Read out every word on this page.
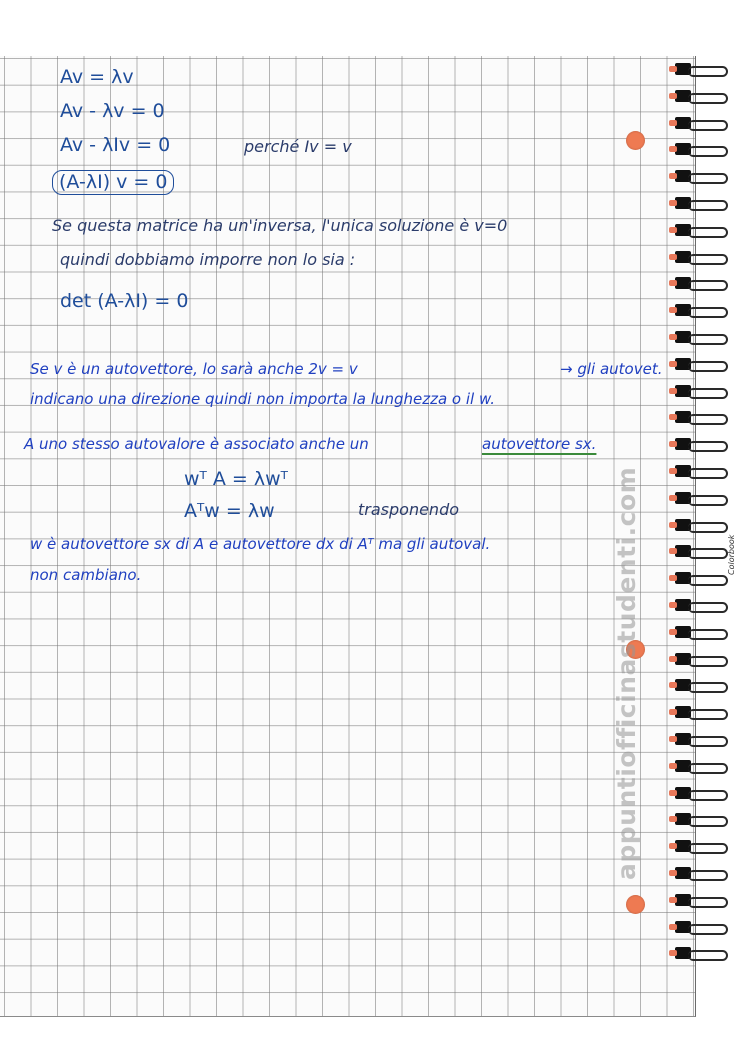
Av = λv
Av - λv = 0
Av - λIv = 0	perché Iv = v
(A-λI) v = 0
Se questa matrice ha un'inversa, l'unica soluzione è v=0
quindi dobbiamo imporre non lo sia :
det (A-λI) = 0
Se v è un autovettore, lo sarà anche 2v = v	→ gli autovet.
indicano una direzione quindi non importa la lunghezza o il w.
A uno stesso autovalore è associato anche un	autovettore sx.
wᵀ A = λwᵀ
Aᵀw = λw	trasponendo
w è autovettore sx di A e autovettore dx di Aᵀ ma gli autoval.
non cambiano.	appuntiofficinastudenti.com	Colorbook
